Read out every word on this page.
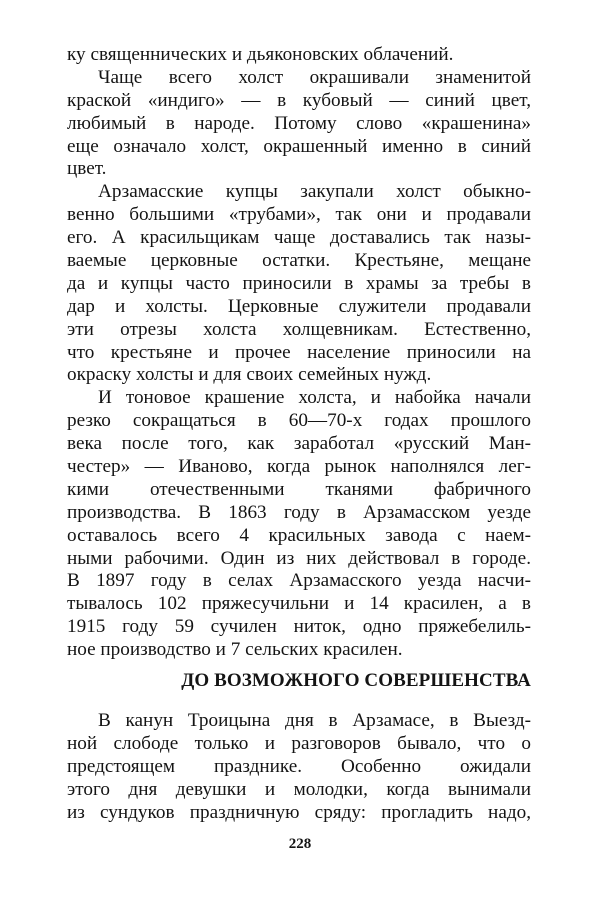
ку священнических и дьяконовских облачений.
Чаще всего холст окрашивали знаменитой
краской «индиго» — в кубовый — синий цвет,
любимый в народе. Потому слово «крашенина»
еще означало холст, окрашенный именно в синий
цвет.
Арзамасские купцы закупали холст обыкно-
венно большими «трубами», так они и продавали
его. А красильщикам чаще доставались так назы-
ваемые церковные остатки. Крестьяне, мещане
да и купцы часто приносили в храмы за требы в
дар и холсты. Церковные служители продавали
эти отрезы холста холщевникам. Естественно,
что крестьяне и прочее население приносили на
окраску холсты и для своих семейных нужд.
И тоновое крашение холста, и набойка начали
резко сокращаться в 60—70-х годах прошлого
века после того, как заработал «русский Ман-
честер» — Иваново, когда рынок наполнялся лег-
кими отечественными тканями фабричного
производства. В 1863 году в Арзамасском уезде
оставалось всего 4 красильных завода с наем-
ными рабочими. Один из них действовал в городе.
В 1897 году в селах Арзамасского уезда насчи-
тывалось 102 пряжесучильни и 14 красилен, а в
1915 году 59 сучилен ниток, одно пряжебелиль-
ное производство и 7 сельских красилен.
ДО ВОЗМОЖНОГО СОВЕРШЕНСТВА
В канун Троицына дня в Арзамасе, в Выезд-
ной слободе только и разговоров бывало, что о
предстоящем празднике. Особенно ожидали
этого дня девушки и молодки, когда вынимали
из сундуков праздничную сряду: прогладить надо,
228
